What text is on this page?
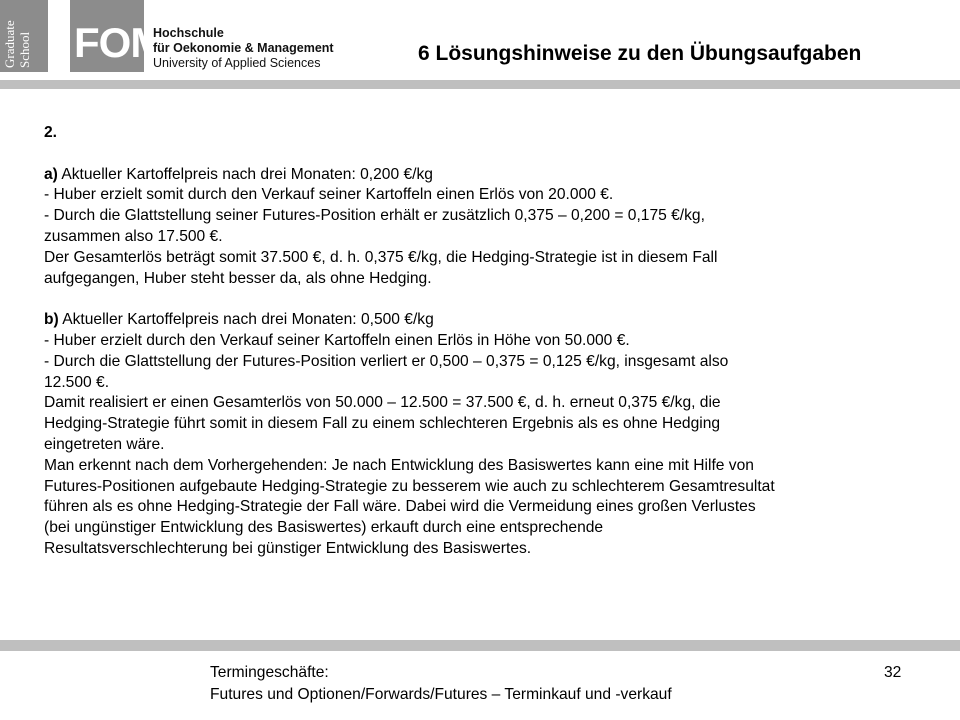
Graduate School FOM
Hochschule
für Oekonomie & Management
University of Applied Sciences	6 Lösungshinweise zu den Übungsaufgaben
2.
a) Aktueller Kartoffelpreis nach drei Monaten: 0,200 €/kg
- Huber erzielt somit durch den Verkauf seiner Kartoffeln einen Erlös von 20.000 €.
- Durch die Glattstellung seiner Futures-Position erhält er zusätzlich 0,375 – 0,200 = 0,175 €/kg,
zusammen also 17.500 €.
Der Gesamterlös beträgt somit 37.500 €, d. h. 0,375 €/kg, die Hedging-Strategie ist in diesem Fall
aufgegangen, Huber steht besser da, als ohne Hedging.
b) Aktueller Kartoffelpreis nach drei Monaten: 0,500 €/kg
- Huber erzielt durch den Verkauf seiner Kartoffeln einen Erlös in Höhe von 50.000 €.
- Durch die Glattstellung der Futures-Position verliert er 0,500 – 0,375 = 0,125 €/kg, insgesamt also
12.500 €.
Damit realisiert er einen Gesamterlös von 50.000 – 12.500 = 37.500 €, d. h. erneut 0,375 €/kg, die
Hedging-Strategie führt somit in diesem Fall zu einem schlechteren Ergebnis als es ohne Hedging
eingetreten wäre.
Man erkennt nach dem Vorhergehenden: Je nach Entwicklung des Basiswertes kann eine mit Hilfe von
Futures-Positionen aufgebaute Hedging-Strategie zu besserem wie auch zu schlechterem Gesamtresultat
führen als es ohne Hedging-Strategie der Fall wäre. Dabei wird die Vermeidung eines großen Verlustes
(bei ungünstiger Entwicklung des Basiswertes) erkauft durch eine entsprechende
Resultatsverschlechterung bei günstiger Entwicklung des Basiswertes.
Termingeschäfte:
Futures und Optionen/Forwards/Futures – Terminkauf und -verkauf
32
